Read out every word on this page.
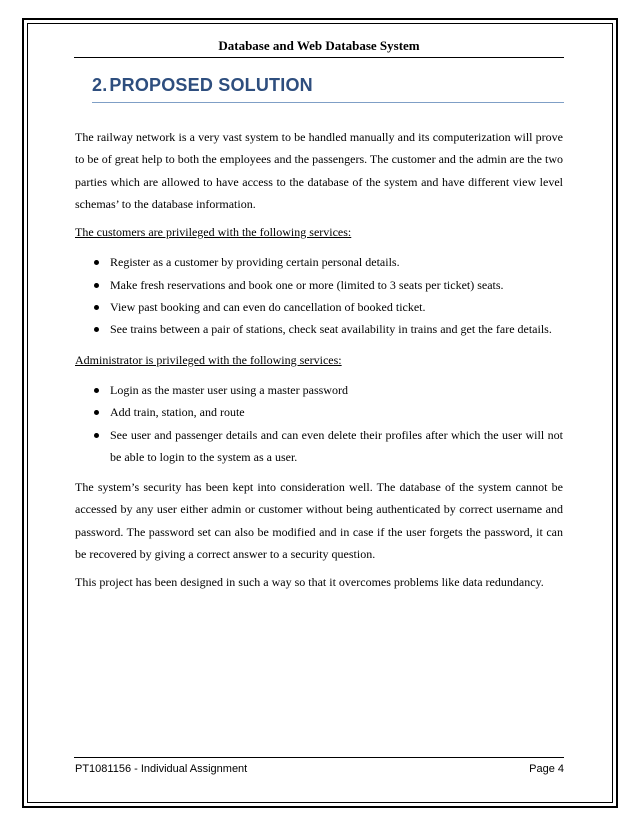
Database and Web Database System
2. PROPOSED SOLUTION

The railway network is a very vast system to be handled manually and its computerization will prove to be of great help to both the employees and the passengers. The customer and the admin are the two parties which are allowed to have access to the database of the system and have different view level schemas’ to the database information.

The customers are privileged with the following services:

Register as a customer by providing certain personal details.
Make fresh reservations and book one or more (limited to 3 seats per ticket) seats.
View past booking and can even do cancellation of booked ticket.
See trains between a pair of stations, check seat availability in trains and get the fare details.

Administrator is privileged with the following services:

Login as the master user using a master password
Add train, station, and route
See user and passenger details and can even delete their profiles after which the user will not be able to login to the system as a user.

The system’s security has been kept into consideration well. The database of the system cannot be accessed by any user either admin or customer without being authenticated by correct username and password. The password set can also be modified and in case if the user forgets the password, it can be recovered by giving a correct answer to a security question.

This project has been designed in such a way so that it overcomes problems like data redundancy.

PT1081156 - Individual Assignment	Page 4
